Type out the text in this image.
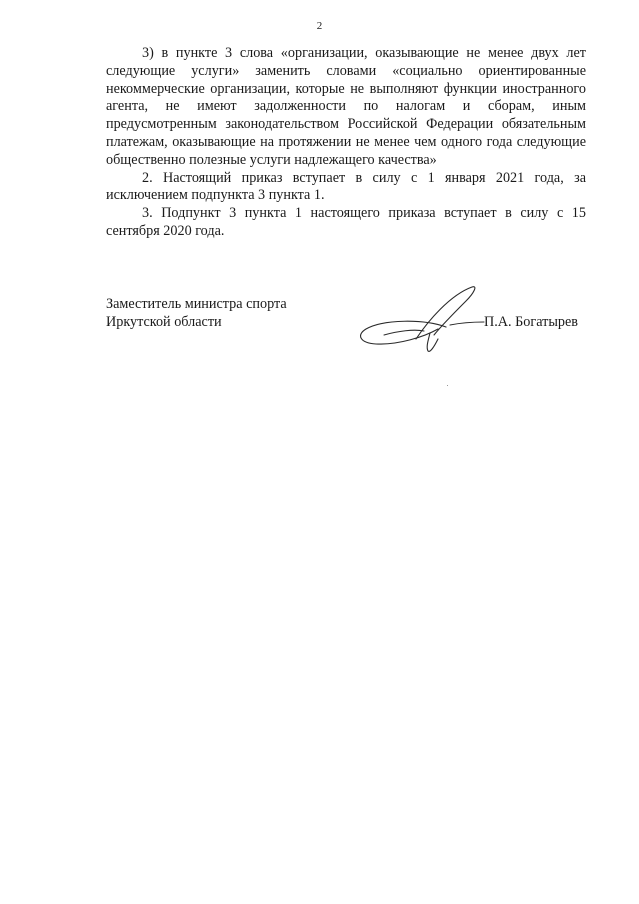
2

3) в пункте 3 слова «организации, оказывающие не менее двух лет следующие услуги» заменить словами «социально ориентированные некоммерческие организации, которые не выполняют функции иностранного агента, не имеют задолженности по налогам и сборам, иным предусмотренным законодательством Российской Федерации обязательным платежам, оказывающие на протяжении не менее чем одного года следующие общественно полезные услуги надлежащего качества»

2. Настоящий приказ вступает в силу с 1 января 2021 года, за исключением подпункта 3 пункта 1.

3. Подпункт 3 пункта 1 настоящего приказа вступает в силу с 15 сентября 2020 года.

Заместитель министра спорта
Иркутской области	П.А. Богатырев
